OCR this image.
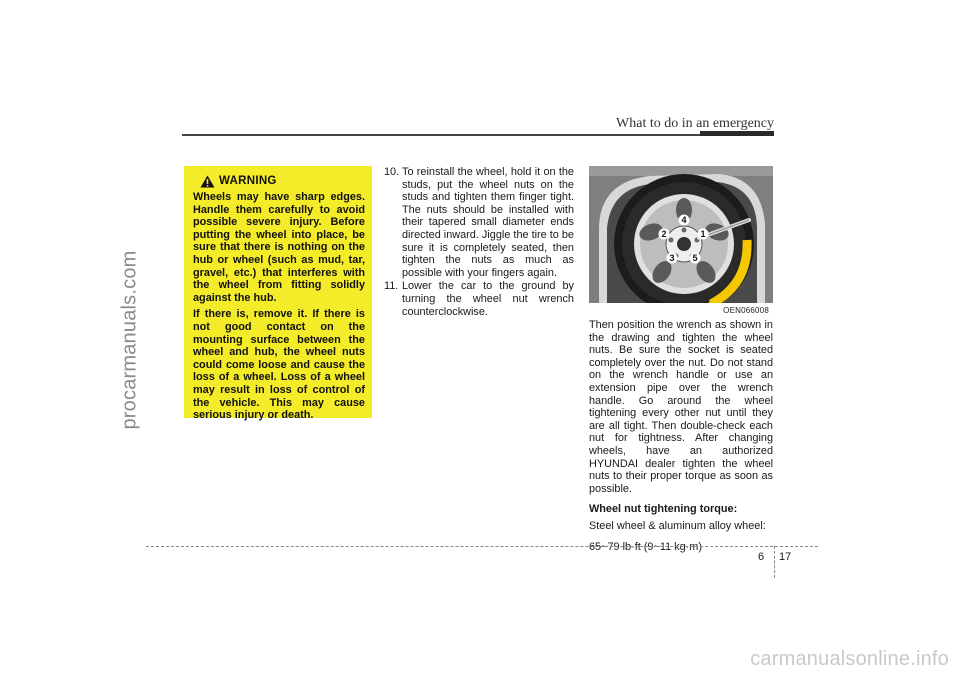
procarmanuals.com
What to do in an emergency
WARNING

Wheels may have sharp edges. Handle them carefully to avoid possible severe injury. Before putting the wheel into place, be sure that there is nothing on the hub or wheel (such as mud, tar, gravel, etc.) that interferes with the wheel from fitting solidly against the hub.

If there is, remove it. If there is not good contact on the mounting surface between the wheel and hub, the wheel nuts could come loose and cause the loss of a wheel. Loss of a wheel may result in loss of control of the vehicle. This may cause serious injury or death.

10. To reinstall the wheel, hold it on the studs, put the wheel nuts on the studs and tighten them finger tight. The nuts should be installed with their tapered small diameter ends directed inward. Jiggle the tire to be sure it is completely seated, then tighten the nuts as much as possible with your fingers again.
11. Lower the car to the ground by turning the wheel nut wrench counterclockwise.
4
2	1
3 5
OEN066008

Then position the wrench as shown in the drawing and tighten the wheel nuts. Be sure the socket is seated completely over the nut. Do not stand on the wrench handle or use an extension pipe over the wrench handle. Go around the wheel tightening every other nut until they are all tight. Then double-check each nut for tightness. After changing wheels, have an authorized HYUNDAI dealer tighten the wheel nuts to their proper torque as soon as possible.

Wheel nut tightening torque:

Steel wheel & aluminum alloy wheel:

65~79 lb·ft (9~11 kg·m)

6 17
carmanualsonline.info
